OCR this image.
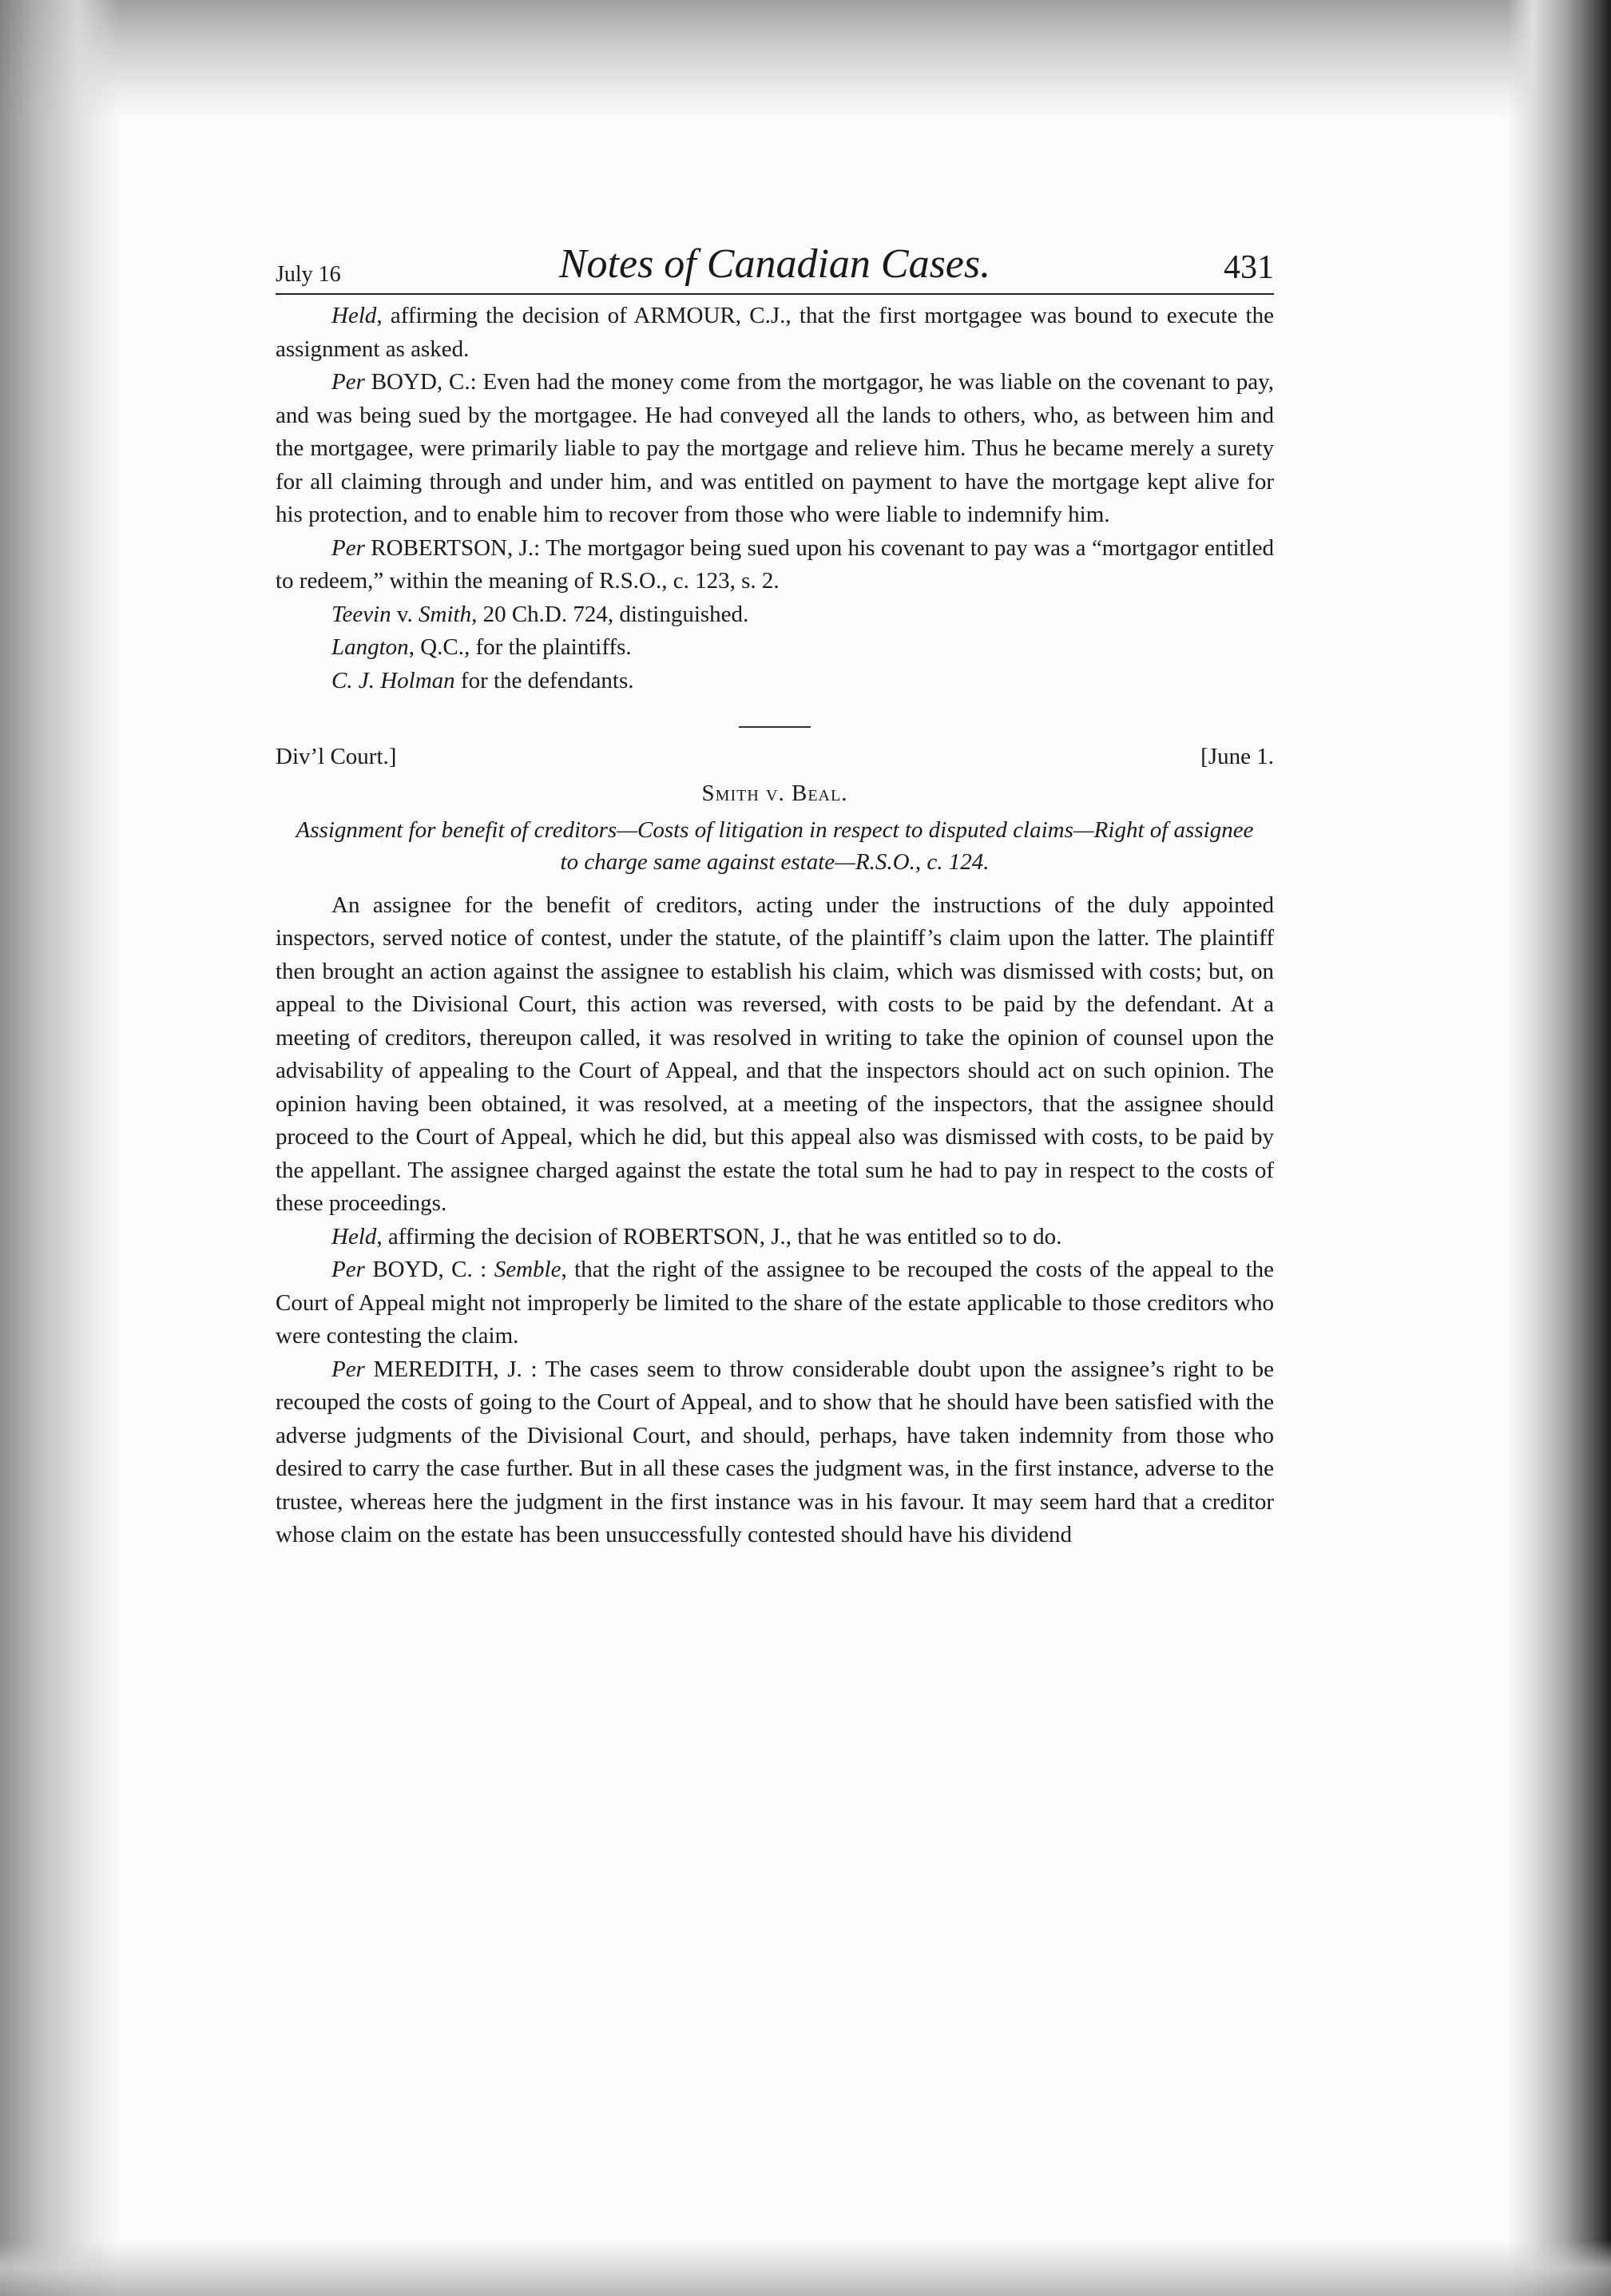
July 16	Notes of Canadian Cases.	431

Held, affirming the decision of ARMOUR, C.J., that the first mortgagee was bound to execute the assignment as asked.

Per BOYD, C.: Even had the money come from the mortgagor, he was liable on the covenant to pay, and was being sued by the mortgagee. He had conveyed all the lands to others, who, as between him and the mortgagee, were primarily liable to pay the mortgage and relieve him. Thus he became merely a surety for all claiming through and under him, and was entitled on payment to have the mortgage kept alive for his protection, and to enable him to recover from those who were liable to indemnify him.

Per ROBERTSON, J.: The mortgagor being sued upon his covenant to pay was a “mortgagor entitled to redeem,” within the meaning of R.S.O., c. 123, s. 2.

Teevin v. Smith, 20 Ch.D. 724, distinguished.

Langton, Q.C., for the plaintiffs.

C. J. Holman for the defendants.

Div’l Court.]	[June 1.
Smith v. Beal.
Assignment for benefit of creditors—Costs of litigation in respect to disputed claims—Right of assignee to charge same against estate—R.S.O., c. 124.

An assignee for the benefit of creditors, acting under the instructions of the duly appointed inspectors, served notice of contest, under the statute, of the plaintiff’s claim upon the latter. The plaintiff then brought an action against the assignee to establish his claim, which was dismissed with costs; but, on appeal to the Divisional Court, this action was reversed, with costs to be paid by the defendant. At a meeting of creditors, thereupon called, it was resolved in writing to take the opinion of counsel upon the advisability of appealing to the Court of Appeal, and that the inspectors should act on such opinion. The opinion having been obtained, it was resolved, at a meeting of the inspectors, that the assignee should proceed to the Court of Appeal, which he did, but this appeal also was dismissed with costs, to be paid by the appellant. The assignee charged against the estate the total sum he had to pay in respect to the costs of these proceedings.

Held, affirming the decision of ROBERTSON, J., that he was entitled so to do.

Per BOYD, C. : Semble, that the right of the assignee to be recouped the costs of the appeal to the Court of Appeal might not improperly be limited to the share of the estate applicable to those creditors who were contesting the claim.

Per MEREDITH, J. : The cases seem to throw considerable doubt upon the assignee’s right to be recouped the costs of going to the Court of Appeal, and to show that he should have been satisfied with the adverse judgments of the Divisional Court, and should, perhaps, have taken indemnity from those who desired to carry the case further. But in all these cases the judgment was, in the first instance, adverse to the trustee, whereas here the judgment in the first instance was in his favour. It may seem hard that a creditor whose claim on the estate has been unsuccessfully contested should have his dividend
